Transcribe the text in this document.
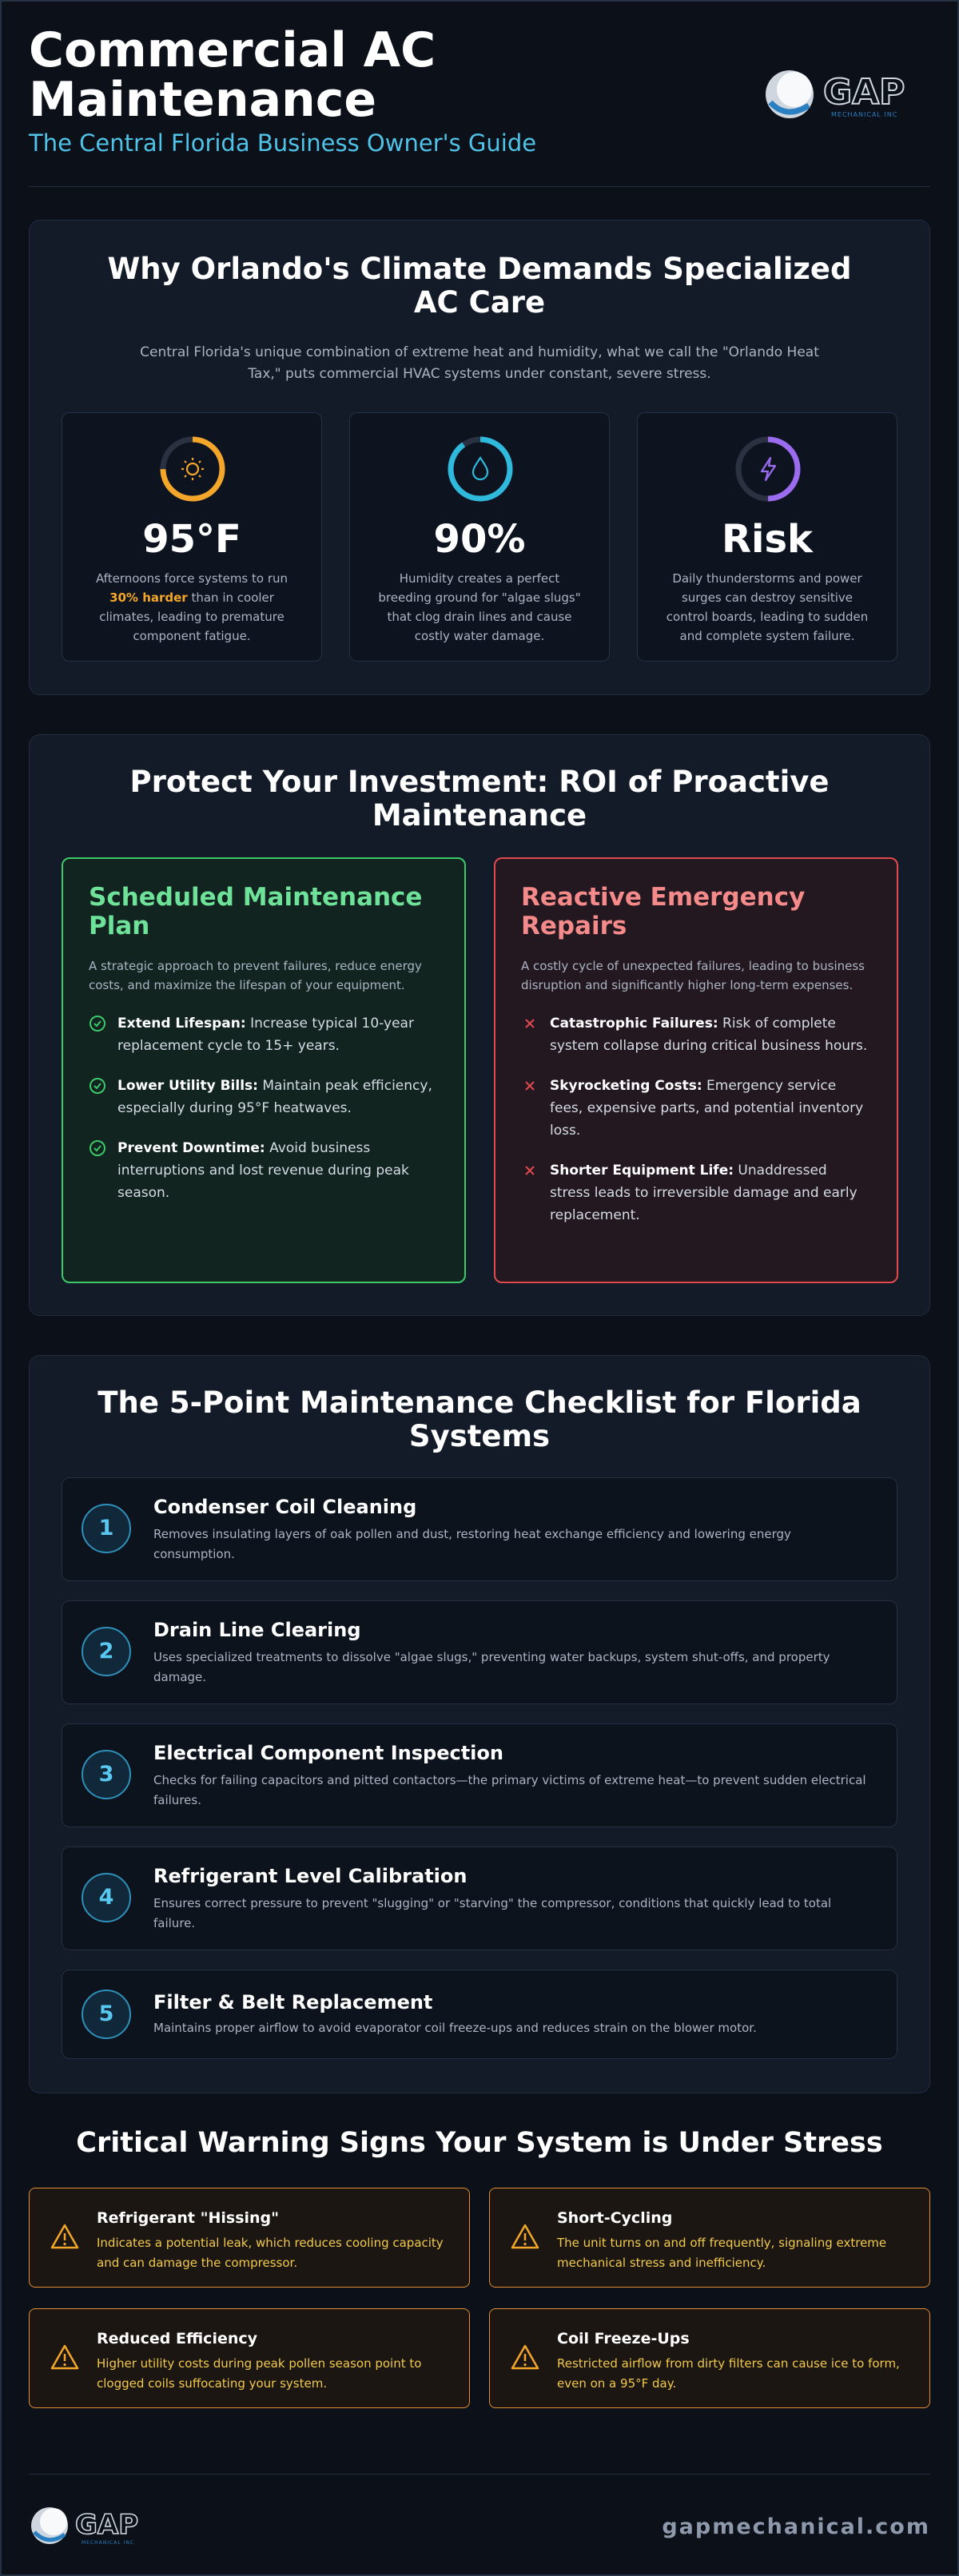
Commercial AC Maintenance
The Central Florida Business Owner's Guide
GAP
MECHANICAL INC
Why Orlando's Climate Demands Specialized AC Care
Central Florida's unique combination of extreme heat and humidity, what we call the "Orlando Heat Tax," puts commercial HVAC systems under constant, severe stress.
95°F
Afternoons force systems to run 30% harder than in cooler climates, leading to premature component fatigue.
90%
Humidity creates a perfect breeding ground for "algae slugs" that clog drain lines and cause costly water damage.
Risk
Daily thunderstorms and power surges can destroy sensitive control boards, leading to sudden and complete system failure.
Protect Your Investment: ROI of Proactive Maintenance
Scheduled Maintenance Plan
A strategic approach to prevent failures, reduce energy costs, and maximize the lifespan of your equipment.
Extend Lifespan: Increase typical 10-year replacement cycle to 15+ years.
Lower Utility Bills: Maintain peak efficiency, especially during 95°F heatwaves.
Prevent Downtime: Avoid business interruptions and lost revenue during peak season.
Reactive Emergency Repairs
A costly cycle of unexpected failures, leading to business disruption and significantly higher long-term expenses.
Catastrophic Failures: Risk of complete system collapse during critical business hours.
Skyrocketing Costs: Emergency service fees, expensive parts, and potential inventory loss.
Shorter Equipment Life: Unaddressed stress leads to irreversible damage and early replacement.
The 5-Point Maintenance Checklist for Florida Systems
1
Condenser Coil Cleaning
Removes insulating layers of oak pollen and dust, restoring heat exchange efficiency and lowering energy consumption.
2
Drain Line Clearing
Uses specialized treatments to dissolve "algae slugs," preventing water backups, system shut-offs, and property damage.
3
Electrical Component Inspection
Checks for failing capacitors and pitted contactors—the primary victims of extreme heat—to prevent sudden electrical failures.
4
Refrigerant Level Calibration
Ensures correct pressure to prevent "slugging" or "starving" the compressor, conditions that quickly lead to total failure.
5	Filter & Belt Replacement
Maintains proper airflow to avoid evaporator coil freeze-ups and reduces strain on the blower motor.
Critical Warning Signs Your System is Under Stress
Refrigerant "Hissing"
Indicates a potential leak, which reduces cooling capacity and can damage the compressor.
Short-Cycling
The unit turns on and off frequently, signaling extreme mechanical stress and inefficiency.
Reduced Efficiency
Higher utility costs during peak pollen season point to clogged coils suffocating your system.
Coil Freeze-Ups
Restricted airflow from dirty filters can cause ice to form, even on a 95°F day.
GAP
MECHANICAL INC
gapmechanical.com
